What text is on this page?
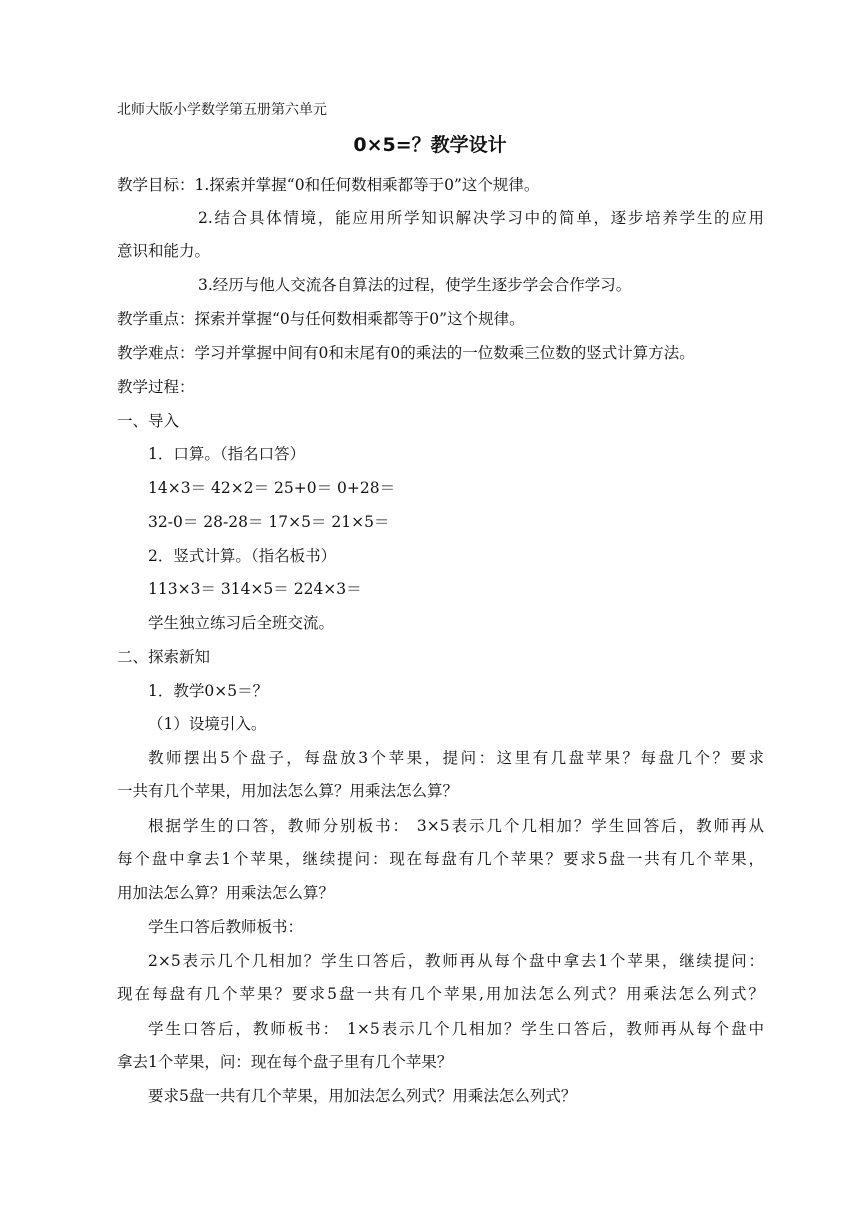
北师大版小学数学第五册第六单元
0×5=？教学设计
教学目标：1.探索并掌握“0和任何数相乘都等于0”这个规律。
2.结合具体情境，能应用所学知识解决学习中的简单，逐步培养学生的应用
意识和能力。
3.经历与他人交流各自算法的过程，使学生逐步学会合作学习。
教学重点：探索并掌握“0与任何数相乘都等于0”这个规律。
教学难点：学习并掌握中间有0和末尾有0的乘法的一位数乘三位数的竖式计算方法。
教学过程：
一、导入
1．口算。（指名口答）
14×3＝ 42×2＝ 25+0＝ 0+28＝
32-0＝ 28-28＝ 17×5＝ 21×5＝
2．竖式计算。（指名板书）
113×3＝ 314×5＝ 224×3＝
学生独立练习后全班交流。
二、探索新知
1．教学0×5＝？
（1）设境引入。
教师摆出5个盘子，每盘放3个苹果，提问：这里有几盘苹果？每盘几个？要求
一共有几个苹果，用加法怎么算？用乘法怎么算？
根据学生的口答，教师分别板书： 3×5表示几个几相加？学生回答后，教师再从
每个盘中拿去1个苹果，继续提问：现在每盘有几个苹果？要求5盘一共有几个苹果，
用加法怎么算？用乘法怎么算？
学生口答后教师板书：
2×5表示几个几相加？学生口答后，教师再从每个盘中拿去1个苹果，继续提问：
现在每盘有几个苹果？要求5盘一共有几个苹果,用加法怎么列式？用乘法怎么列式？
学生口答后，教师板书： 1×5表示几个几相加？学生口答后，教师再从每个盘中
拿去1个苹果，问：现在每个盘子里有几个苹果？
要求5盘一共有几个苹果，用加法怎么列式？用乘法怎么列式？
